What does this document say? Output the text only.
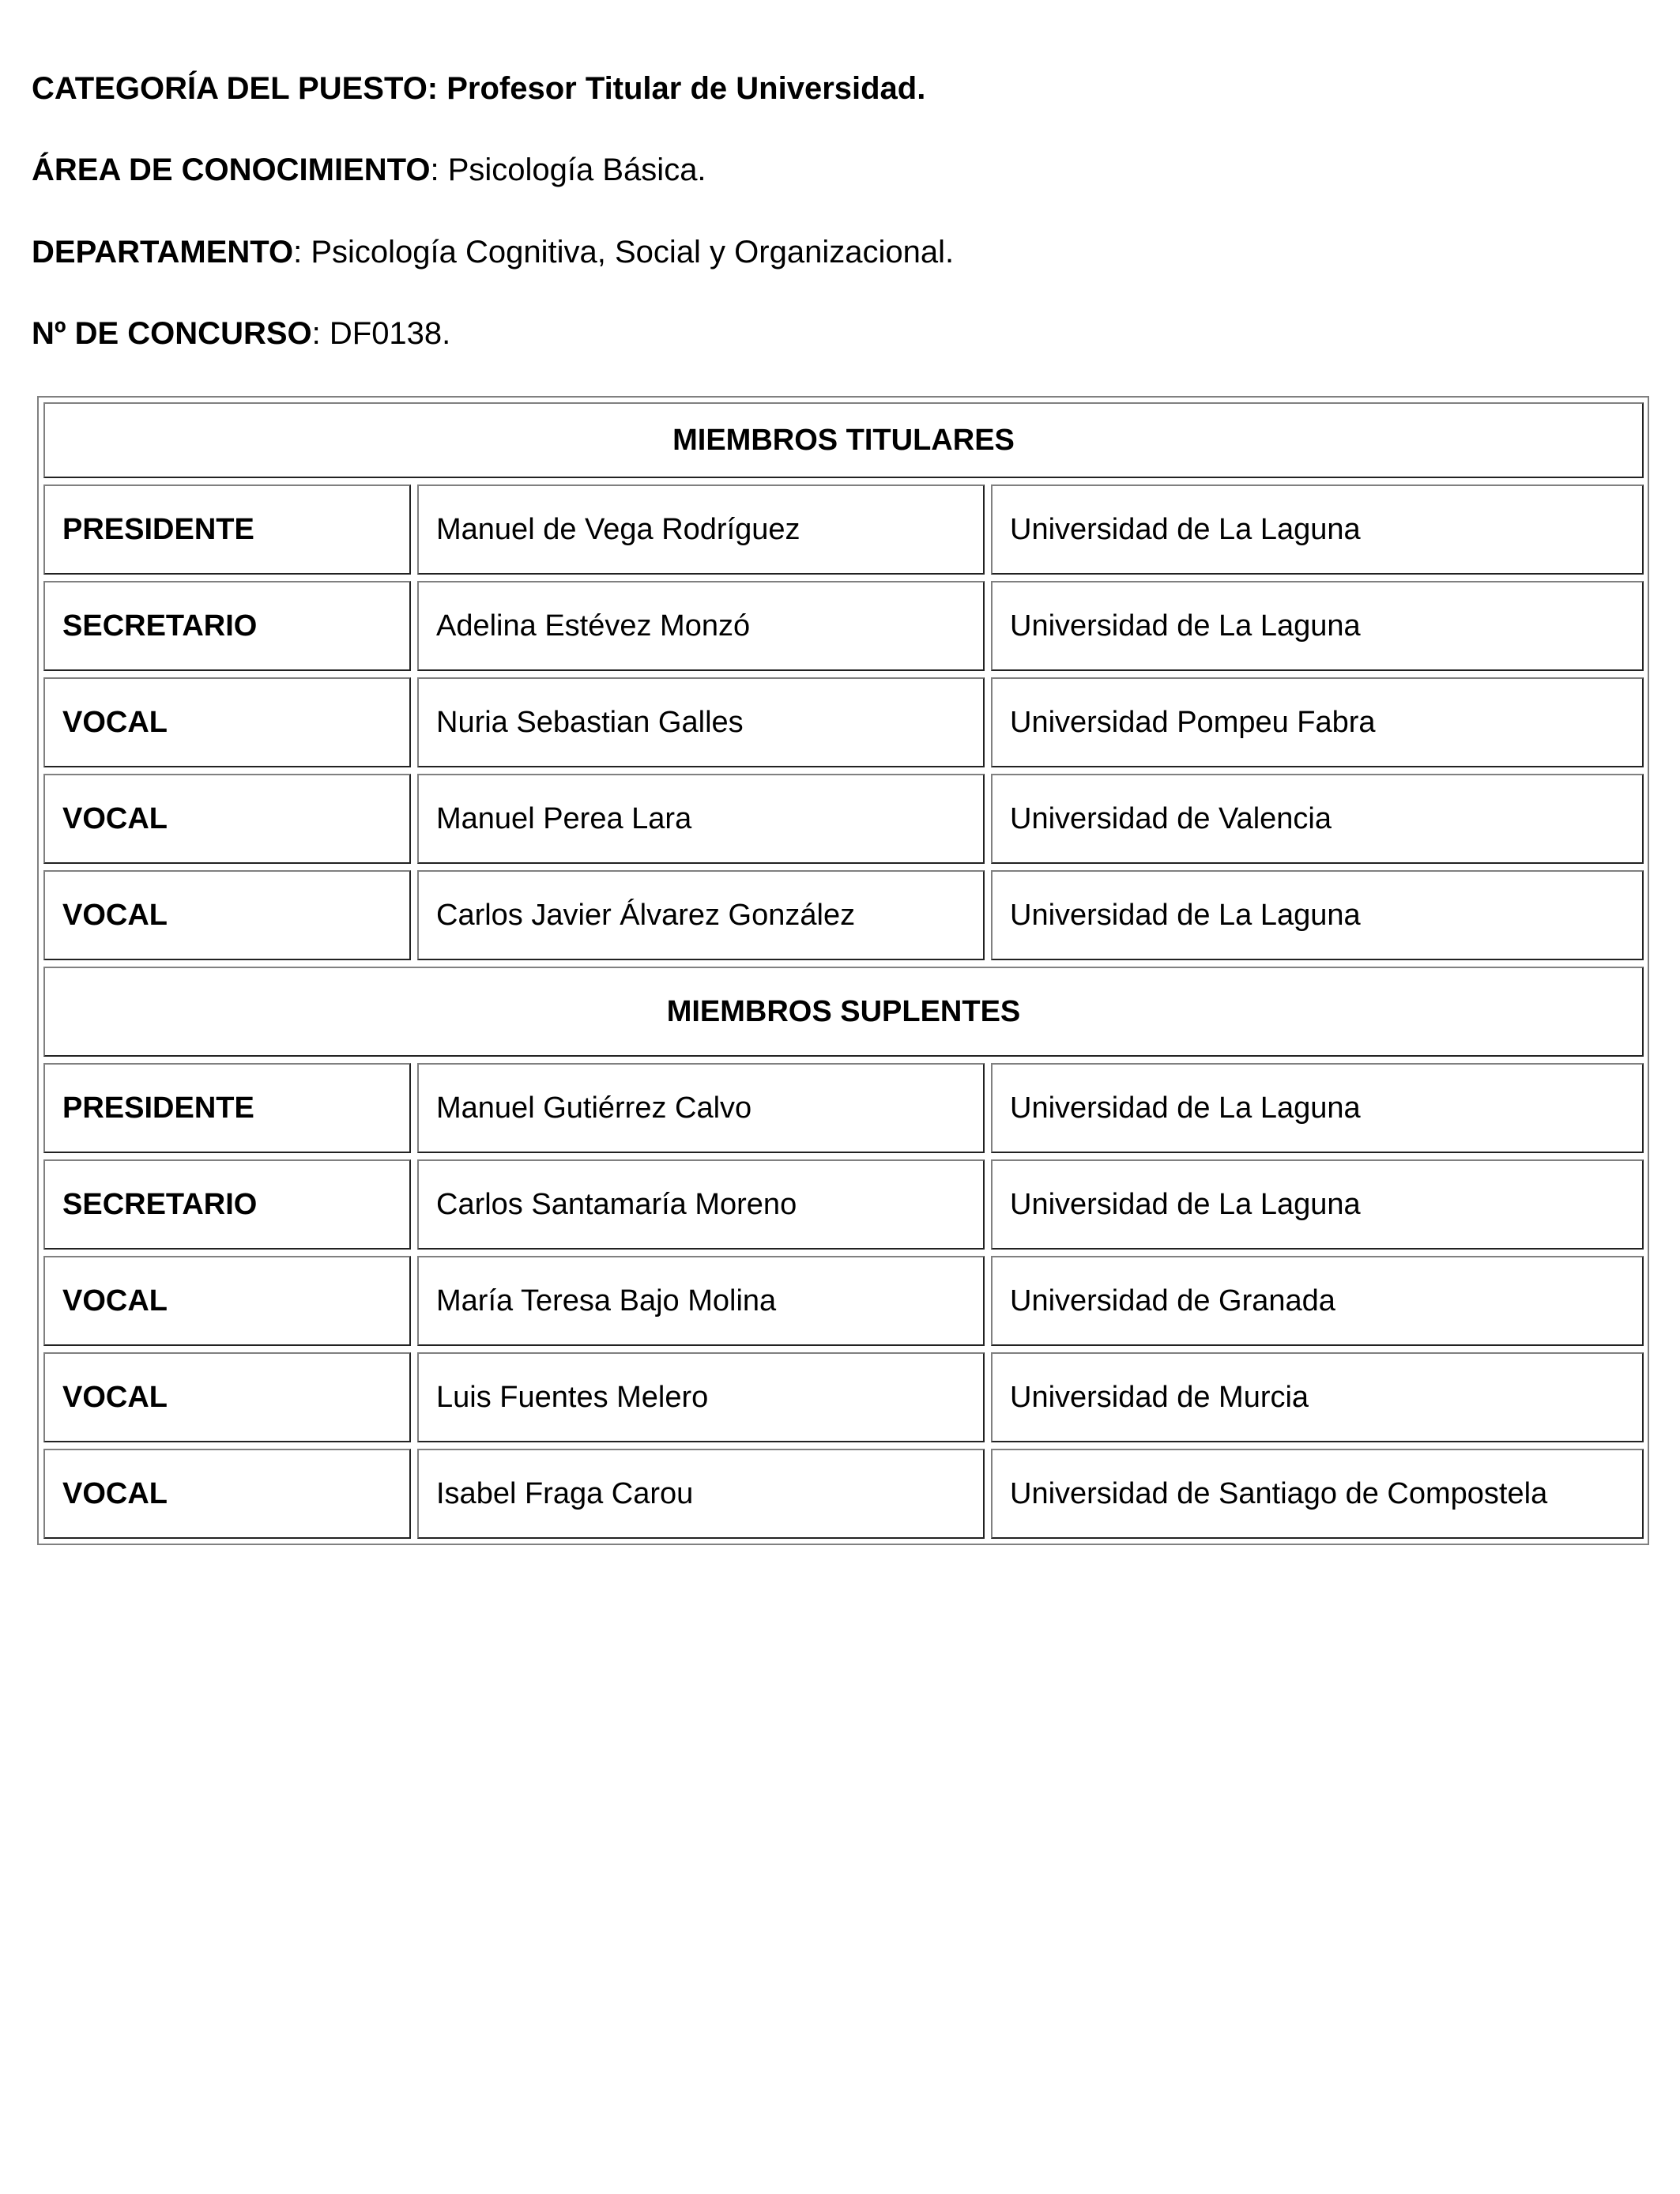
CATEGORÍA DEL PUESTO: Profesor Titular de Universidad.
ÁREA DE CONOCIMIENTO: Psicología Básica.
DEPARTAMENTO: Psicología Cognitiva, Social y Organizacional.
Nº DE CONCURSO: DF0138.
MIEMBROS TITULARES
PRESIDENTE	Manuel de Vega Rodríguez	Universidad de La Laguna
SECRETARIO	Adelina Estévez Monzó	Universidad de La Laguna
VOCAL	Nuria Sebastian Galles	Universidad Pompeu Fabra
VOCAL	Manuel Perea Lara	Universidad de Valencia
VOCAL	Carlos Javier Álvarez González	Universidad de La Laguna
MIEMBROS SUPLENTES
PRESIDENTE	Manuel Gutiérrez Calvo	Universidad de La Laguna
SECRETARIO	Carlos Santamaría Moreno	Universidad de La Laguna
VOCAL	María Teresa Bajo Molina	Universidad de Granada
VOCAL	Luis Fuentes Melero	Universidad de Murcia
VOCAL	Isabel Fraga Carou	Universidad de Santiago de Compostela
